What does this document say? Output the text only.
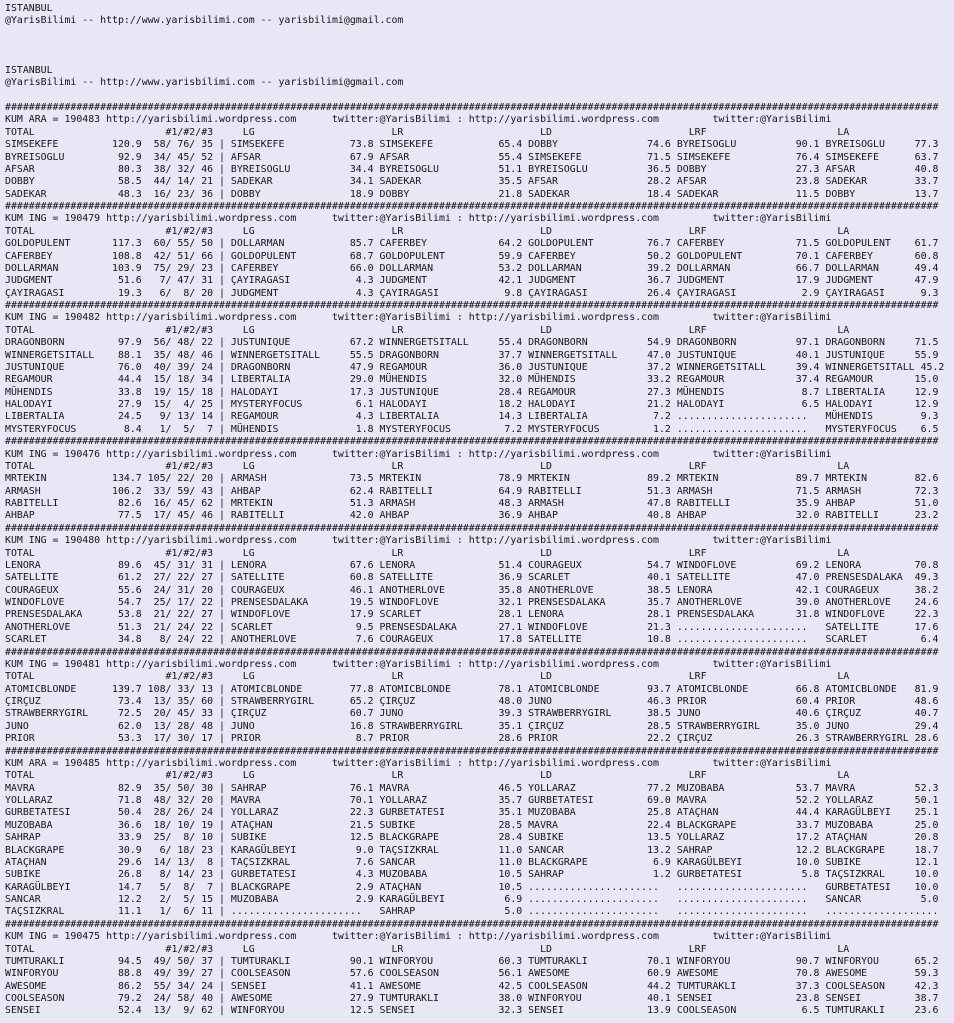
ISTANBUL
@YarisBilimi -- http://www.yarisbilimi.com -- yarisbilimi@gmail.com

ISTANBUL
@YarisBilimi -- http://www.yarisbilimi.com -- yarisbilimi@gmail.com

#############################################################################################################################################################
KUM ARA = 190483 http://yarisbilimi.wordpress.com      twitter:@YarisBilimi : http://yarisbilimi.wordpress.com         twitter:@YarisBilimi
TOTAL                      #1/#2/#3     LG                       LR                       LD                       LRF                      LA
SIMSEKEFE         120.9  58/ 76/ 35 | SIMSEKEFE           73.8 SIMSEKEFE           65.4 DOBBY               74.6 BYREISOGLU          90.1 BYREISOGLU     77.3
BYREISOGLU         92.9  34/ 45/ 52 | AFSAR               67.9 AFSAR               55.4 SIMSEKEFE           71.5 SIMSEKEFE           76.4 SIMSEKEFE      63.7
AFSAR              80.3  38/ 32/ 46 | BYREISOGLU          34.4 BYREISOGLU          51.1 BYREISOGLU          36.5 DOBBY               27.3 AFSAR          40.8
DOBBY              58.5  44/ 14/ 21 | SADEKAR             34.1 SADEKAR             35.5 AFSAR               28.2 AFSAR               23.8 SADEKAR        33.7
SADEKAR            48.3  16/ 23/ 36 | DOBBY               18.9 DOBBY               21.8 SADEKAR             18.4 SADEKAR             11.5 DOBBY          13.7
#############################################################################################################################################################
KUM ING = 190479 http://yarisbilimi.wordpress.com      twitter:@YarisBilimi : http://yarisbilimi.wordpress.com         twitter:@YarisBilimi
TOTAL                      #1/#2/#3     LG                       LR                       LD                       LRF                      LA
GOLDOPULENT       117.3  60/ 55/ 50 | DOLLARMAN           85.7 CAFERBEY            64.2 GOLDOPULENT         76.7 CAFERBEY            71.5 GOLDOPULENT    61.7
CAFERBEY          108.8  42/ 51/ 66 | GOLDOPULENT         68.7 GOLDOPULENT         59.9 CAFERBEY            50.2 GOLDOPULENT         70.1 CAFERBEY       60.8
DOLLARMAN         103.9  75/ 29/ 23 | CAFERBEY            66.0 DOLLARMAN           53.2 DOLLARMAN           39.2 DOLLARMAN           66.7 DOLLARMAN      49.4
JUDGMENT           51.6   7/ 47/ 31 | ÇAYIRAGASI           4.3 JUDGMENT            42.1 JUDGMENT            36.7 JUDGMENT            17.9 JUDGMENT       47.9
ÇAYIRAGASI         19.3   6/  8/ 20 | JUDGMENT             4.3 ÇAYIRAGASI           9.8 ÇAYIRAGASI          26.4 ÇAYIRAGASI           2.9 ÇAYIRAGASI      9.3
#############################################################################################################################################################
KUM ING = 190482 http://yarisbilimi.wordpress.com      twitter:@YarisBilimi : http://yarisbilimi.wordpress.com         twitter:@YarisBilimi
TOTAL                      #1/#2/#3     LG                       LR                       LD                       LRF                      LA
DRAGONBORN         97.9  56/ 48/ 22 | JUSTUNIQUE          67.2 WINNERGETSITALL     55.4 DRAGONBORN          54.9 DRAGONBORN          97.1 DRAGONBORN     71.5
WINNERGETSITALL    88.1  35/ 48/ 46 | WINNERGETSITALL     55.5 DRAGONBORN          37.7 WINNERGETSITALL     47.0 JUSTUNIQUE          40.1 JUSTUNIQUE     55.9
JUSTUNIQUE         76.0  40/ 39/ 24 | DRAGONBORN          47.9 REGAMOUR            36.0 JUSTUNIQUE          37.2 WINNERGETSITALL     39.4 WINNERGETSITALL 45.2
REGAMOUR           44.4  15/ 18/ 34 | LIBERTALIA          29.0 MÜHENDIS            32.0 MÜHENDIS            33.2 REGAMOUR            37.4 REGAMOUR       15.0
MÜHENDIS           33.8  19/ 15/ 18 | HALODAYI            17.3 JUSTUNIQUE          28.4 REGAMOUR            27.3 MÜHENDIS             8.7 LIBERTALIA     12.9
HALODAYI           27.9  15/  4/ 25 | MYSTERYFOCUS         6.1 HALODAYI            18.2 HALODAYI            21.2 HALODAYI             6.5 HALODAYI       12.9
LIBERTALIA         24.5   9/ 13/ 14 | REGAMOUR             4.3 LIBERTALIA          14.3 LIBERTALIA           7.2 ......................   MÜHENDIS        9.3
MYSTERYFOCUS        8.4   1/  5/  7 | MÜHENDIS             1.8 MYSTERYFOCUS         7.2 MYSTERYFOCUS         1.2 ......................   MYSTERYFOCUS    6.5
#############################################################################################################################################################
KUM ING = 190476 http://yarisbilimi.wordpress.com      twitter:@YarisBilimi : http://yarisbilimi.wordpress.com         twitter:@YarisBilimi
TOTAL                      #1/#2/#3     LG                       LR                       LD                       LRF                      LA
MRTEKIN           134.7 105/ 22/ 20 | ARMASH              73.5 MRTEKIN             78.9 MRTEKIN             89.2 MRTEKIN             89.7 MRTEKIN        82.6
ARMASH            106.2  33/ 59/ 43 | AHBAP               62.4 RABITELLI           64.9 RABITELLI           51.3 ARMASH              71.5 ARMASH         72.3
RABITELLI          82.6  16/ 45/ 62 | MRTEKIN             51.3 ARMASH              48.3 ARMASH              47.8 RABITELLI           35.9 AHBAP          51.0
AHBAP              77.5  17/ 45/ 46 | RABITELLI           42.0 AHBAP               36.9 AHBAP               40.8 AHBAP               32.0 RABITELLI      23.2
#############################################################################################################################################################
KUM ING = 190480 http://yarisbilimi.wordpress.com      twitter:@YarisBilimi : http://yarisbilimi.wordpress.com         twitter:@YarisBilimi
TOTAL                      #1/#2/#3     LG                       LR                       LD                       LRF                      LA
LENORA             89.6  45/ 31/ 31 | LENORA              67.6 LENORA              51.4 COURAGEUX           54.7 WINDOFLOVE          69.2 LENORA         70.8
SATELLITE          61.2  27/ 22/ 27 | SATELLITE           60.8 SATELLITE           36.9 SCARLET             40.1 SATELLITE           47.0 PRENSESDALAKA  49.3
COURAGEUX          55.6  24/ 31/ 20 | COURAGEUX           46.1 ANOTHERLOVE         35.8 ANOTHERLOVE         38.5 LENORA              42.1 COURAGEUX      38.2
WINDOFLOVE         54.7  25/ 17/ 22 | PRENSESDALAKA       19.5 WINDOFLOVE          32.1 PRENSESDALAKA       35.7 ANOTHERLOVE         39.0 ANOTHERLOVE    24.6
PRENSESDALAKA      53.8  21/ 22/ 27 | WINDOFLOVE          17.9 SCARLET             28.1 LENORA              28.1 PRENSESDALAKA       31.8 WINDOFLOVE     22.3
ANOTHERLOVE        51.3  21/ 24/ 22 | SCARLET              9.5 PRENSESDALAKA       27.1 WINDOFLOVE          21.3 ......................   SATELLITE      17.6
SCARLET            34.8   8/ 24/ 22 | ANOTHERLOVE          7.6 COURAGEUX           17.8 SATELLITE           10.8 ......................   SCARLET         6.4
#############################################################################################################################################################
KUM ING = 190481 http://yarisbilimi.wordpress.com      twitter:@YarisBilimi : http://yarisbilimi.wordpress.com         twitter:@YarisBilimi
TOTAL                      #1/#2/#3     LG                       LR                       LD                       LRF                      LA
ATOMICBLONDE      139.7 108/ 33/ 13 | ATOMICBLONDE        77.8 ATOMICBLONDE        78.1 ATOMICBLONDE        93.7 ATOMICBLONDE        66.8 ATOMICBLONDE   81.9
ÇIRÇUZ             73.4  13/ 35/ 60 | STRAWBERRYGIRL      65.2 ÇIRÇUZ              48.0 JUNO                46.3 PRIOR               60.4 PRIOR          48.6
STRAWBERRYGIRL     72.5  20/ 45/ 33 | ÇIRÇUZ              60.7 JUNO                39.3 STRAWBERRYGIRL      38.5 JUNO                40.6 ÇIRÇUZ         40.7
JUNO               62.0  13/ 28/ 48 | JUNO                16.8 STRAWBERRYGIRL      35.1 ÇIRÇUZ              28.5 STRAWBERRYGIRL      35.0 JUNO           29.4
PRIOR              53.3  17/ 30/ 17 | PRIOR                8.7 PRIOR               28.6 PRIOR               22.2 ÇIRÇUZ              26.3 STRAWBERRYGIRL 28.6
#############################################################################################################################################################
KUM ARA = 190485 http://yarisbilimi.wordpress.com      twitter:@YarisBilimi : http://yarisbilimi.wordpress.com         twitter:@YarisBilimi
TOTAL                      #1/#2/#3     LG                       LR                       LD                       LRF                      LA
MAVRA              82.9  35/ 50/ 30 | SAHRAP              76.1 MAVRA               46.5 YOLLARAZ            77.2 MUZOBABA            53.7 MAVRA          52.3
YOLLARAZ           71.8  48/ 32/ 20 | MAVRA               70.1 YOLLARAZ            35.7 GURBETATESI         69.0 MAVRA               52.2 YOLLARAZ       50.1
GURBETATESI        50.4  28/ 26/ 24 | YOLLARAZ            22.3 GURBETATESI         35.1 MUZOBABA            25.8 ATAÇHAN             44.4 KARAGÜLBEYI    25.1
MUZOBABA           36.6  18/ 10/ 19 | ATAÇHAN             21.5 SUBIKE              28.5 MAVRA               22.4 BLACKGRAPE          33.7 MUZOBABA       25.0
SAHRAP             33.9  25/  8/ 10 | SUBIKE              12.5 BLACKGRAPE          28.4 SUBIKE              13.5 YOLLARAZ            17.2 ATAÇHAN        20.8
BLACKGRAPE         30.9   6/ 18/ 23 | KARAGÜLBEYI          9.0 TAÇSIZKRAL          11.0 SANCAR              13.2 SAHRAP              12.2 BLACKGRAPE     18.7
ATAÇHAN            29.6  14/ 13/  8 | TAÇSIZKRAL           7.6 SANCAR              11.0 BLACKGRAPE           6.9 KARAGÜLBEYI         10.0 SUBIKE         12.1
SUBIKE             26.8   8/ 14/ 23 | GURBETATESI          4.3 MUZOBABA            10.5 SAHRAP               1.2 GURBETATESI          5.8 TAÇSIZKRAL     10.0
KARAGÜLBEYI        14.7   5/  8/  7 | BLACKGRAPE           2.9 ATAÇHAN             10.5 ......................   ......................   GURBETATESI    10.0
SANCAR             12.2   2/  5/ 15 | MUZOBABA             2.9 KARAGÜLBEYI          6.9 ......................   ......................   SANCAR          5.0
TAÇSIZKRAL         11.1   1/  6/ 11 | ......................   SAHRAP               5.0 ......................   ......................   ...................
#############################################################################################################################################################
KUM ING = 190475 http://yarisbilimi.wordpress.com      twitter:@YarisBilimi : http://yarisbilimi.wordpress.com         twitter:@YarisBilimi
TOTAL                      #1/#2/#3     LG                       LR                       LD                       LRF                      LA
TUMTURAKLI         94.5  49/ 50/ 37 | TUMTURAKLI          90.1 WINFORYOU           60.3 TUMTURAKLI          70.1 WINFORYOU           90.7 WINFORYOU      65.2
WINFORYOU          88.8  49/ 39/ 27 | COOLSEASON          57.6 COOLSEASON          56.1 AWESOME             60.9 AWESOME             70.8 AWESOME        59.3
AWESOME            86.2  55/ 34/ 24 | SENSEI              41.1 AWESOME             42.5 COOLSEASON          44.2 TUMTURAKLI          37.3 COOLSEASON     42.3
COOLSEASON         79.2  24/ 58/ 40 | AWESOME             27.9 TUMTURAKLI          38.0 WINFORYOU           40.1 SENSEI              23.8 SENSEI         38.7
SENSEI             52.4  13/  9/ 62 | WINFORYOU           12.5 SENSEI              32.3 SENSEI              13.9 COOLSEASON           6.5 TUMTURAKLI     23.6
